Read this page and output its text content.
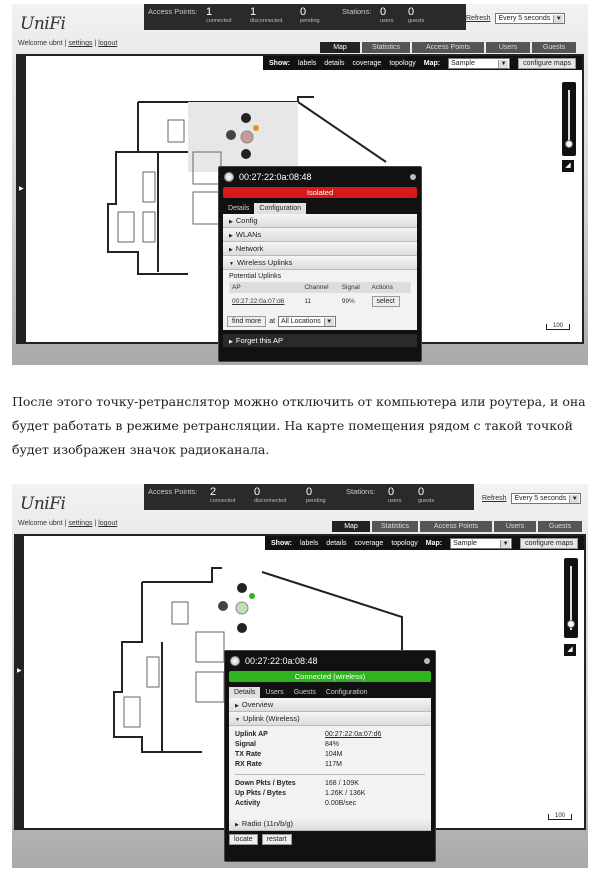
UniFi
Welcome ubnt | settings | logout
Access Points: 1
connected
1
disconnected
0
pending
Stations: 0
users
0
guests	Refresh Every 5 seconds ▼
Map	Statistics	Access Points	Users	Guests
▶
Show: labels details coverage topology Map:	Sample	▼	configure maps
◢
100
00:27:22:0a:08:48
Isolated
Details	Configuration
▶ Config
▶ WLANs
▶ Network
▼ Wireless Uplinks
Potential Uplinks
AP	Channel	Signal	Actions
00:27:22:0a:07:d6	11	99%	select
find more	at All Locations ▼
▶ Forget this AP
После этого точку-ретранслятор можно отключить от компьютера или роутера, и она будет работать в режиме ретрансляции. На карте помещения рядом с такой точкой будет изображен значок радиоканала.
UniFi
Welcome ubnt | settings | logout
Access Points:	2
connected
0
disconnected
0
pending
Stations:	0
users
0
guests	Refresh Every 5 seconds ▼
Map	Statistics	Access Points	Users	Guests
▶
Show: labels details coverage topology Map:	Sample	▼	configure maps
◢
100
00:27:22:0a:08:48
Connected (wireless)
Details	Users	Guests	Configuration
▶ Overview
▼ Uplink (Wireless)
Uplink AP	00:27:22:0a:07:d6
Signal	84%
TX Rate	104M
RX Rate	117M
Down Pkts / Bytes	168 / 109K
Up Pkts / Bytes	1.26K / 136K
Activity	0.00B/sec
▶ Radio (11n/b/g)
locate	restart
